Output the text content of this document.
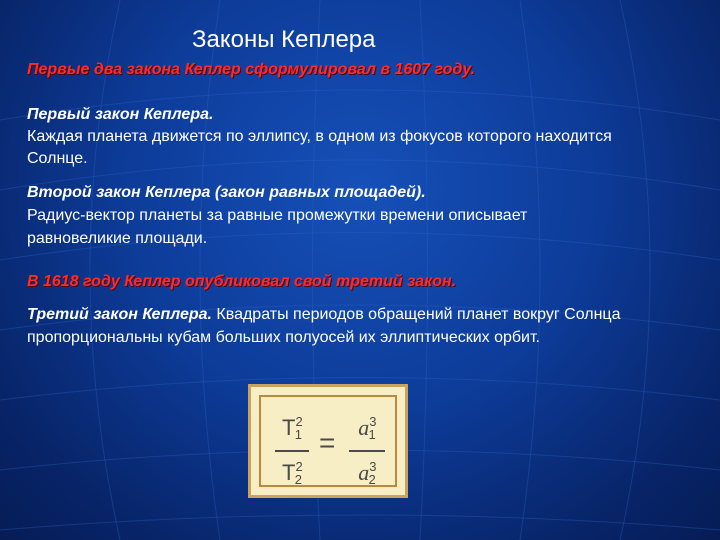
Законы Кеплера

Первые два закона Кеплер сформулировал в 1607 году.

Первый закон Кеплера.

Каждая планета движется по эллипсу, в одном из фокусов которого находится

Солнце.

Второй закон Кеплера (закон равных площадей).

Радиус-вектор планеты за равные промежутки времени описывает

равновеликие площади.

В 1618 году Кеплер опубликовал свой третий закон.

Третий закон Кеплера. Квадраты периодов обращений планет вокруг Солнца

пропорциональны кубам больших полуосей их эллиптических орбит.

$T^2_1$
$T^2_2$
=	$a^3_1$
$a^3_2$
